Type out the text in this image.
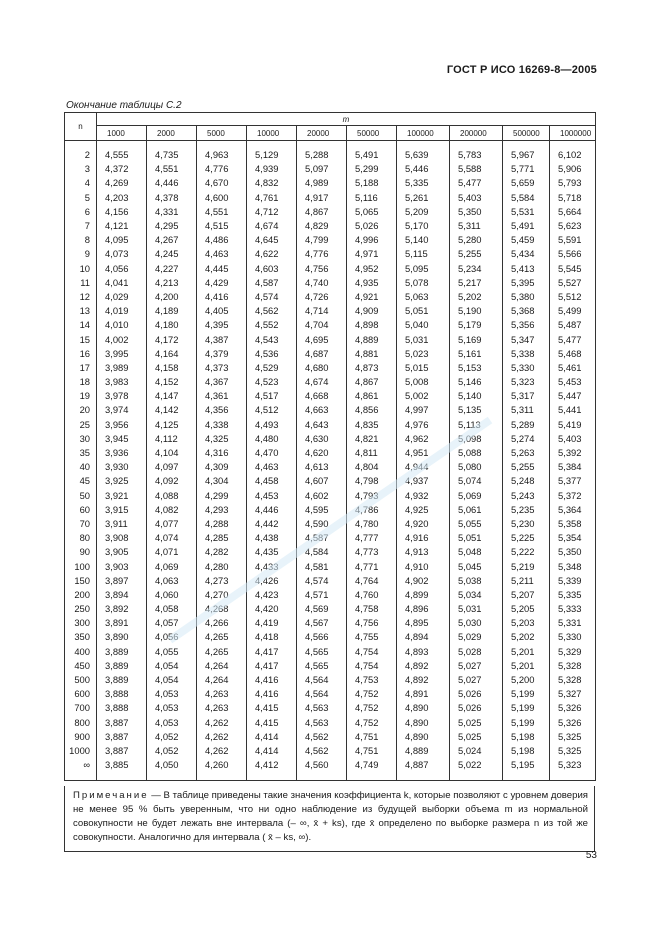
ГОСТ Р ИСО 16269-8—2005
Окончание таблицы С.2
n	m									
	1000	2000	5000	10000	20000	50000	100000	200000	500000	1000000
2	4,555	4,735	4,963	5,129	5,288	5,491	5,639	5,783	5,967	6,102
3	4,372	4,551	4,776	4,939	5,097	5,299	5,446	5,588	5,771	5,906
4	4,269	4,446	4,670	4,832	4,989	5,188	5,335	5,477	5,659	5,793
5	4,203	4,378	4,600	4,761	4,917	5,116	5,261	5,403	5,584	5,718
6	4,156	4,331	4,551	4,712	4,867	5,065	5,209	5,350	5,531	5,664
7	4,121	4,295	4,515	4,674	4,829	5,026	5,170	5,311	5,491	5,623
8	4,095	4,267	4,486	4,645	4,799	4,996	5,140	5,280	5,459	5,591
9	4,073	4,245	4,463	4,622	4,776	4,971	5,115	5,255	5,434	5,566
10	4,056	4,227	4,445	4,603	4,756	4,952	5,095	5,234	5,413	5,545
11	4,041	4,213	4,429	4,587	4,740	4,935	5,078	5,217	5,395	5,527
12	4,029	4,200	4,416	4,574	4,726	4,921	5,063	5,202	5,380	5,512
13	4,019	4,189	4,405	4,562	4,714	4,909	5,051	5,190	5,368	5,499
14	4,010	4,180	4,395	4,552	4,704	4,898	5,040	5,179	5,356	5,487
15	4,002	4,172	4,387	4,543	4,695	4,889	5,031	5,169	5,347	5,477
16	3,995	4,164	4,379	4,536	4,687	4,881	5,023	5,161	5,338	5,468
17	3,989	4,158	4,373	4,529	4,680	4,873	5,015	5,153	5,330	5,461
18	3,983	4,152	4,367	4,523	4,674	4,867	5,008	5,146	5,323	5,453
19	3,978	4,147	4,361	4,517	4,668	4,861	5,002	5,140	5,317	5,447
20	3,974	4,142	4,356	4,512	4,663	4,856	4,997	5,135	5,311	5,441
25	3,956	4,125	4,338	4,493	4,643	4,835	4,976	5,113	5,289	5,419
30	3,945	4,112	4,325	4,480	4,630	4,821	4,962	5,098	5,274	5,403
35	3,936	4,104	4,316	4,470	4,620	4,811	4,951	5,088	5,263	5,392
40	3,930	4,097	4,309	4,463	4,613	4,804	4,944	5,080	5,255	5,384
45	3,925	4,092	4,304	4,458	4,607	4,798	4,937	5,074	5,248	5,377
50	3,921	4,088	4,299	4,453	4,602	4,793	4,932	5,069	5,243	5,372
60	3,915	4,082	4,293	4,446	4,595	4,786	4,925	5,061	5,235	5,364
70	3,911	4,077	4,288	4,442	4,590	4,780	4,920	5,055	5,230	5,358
80	3,908	4,074	4,285	4,438	4,587	4,777	4,916	5,051	5,225	5,354
90	3,905	4,071	4,282	4,435	4,584	4,773	4,913	5,048	5,222	5,350
100	3,903	4,069	4,280	4,433	4,581	4,771	4,910	5,045	5,219	5,348
150	3,897	4,063	4,273	4,426	4,574	4,764	4,902	5,038	5,211	5,339
200	3,894	4,060	4,270	4,423	4,571	4,760	4,899	5,034	5,207	5,335
250	3,892	4,058	4,268	4,420	4,569	4,758	4,896	5,031	5,205	5,333
300	3,891	4,057	4,266	4,419	4,567	4,756	4,895	5,030	5,203	5,331
350	3,890	4,056	4,265	4,418	4,566	4,755	4,894	5,029	5,202	5,330
400	3,889	4,055	4,265	4,417	4,565	4,754	4,893	5,028	5,201	5,329
450	3,889	4,054	4,264	4,417	4,565	4,754	4,892	5,027	5,201	5,328
500	3,889	4,054	4,264	4,416	4,564	4,753	4,892	5,027	5,200	5,328
600	3,888	4,053	4,263	4,416	4,564	4,752	4,891	5,026	5,199	5,327
700	3,888	4,053	4,263	4,415	4,563	4,752	4,890	5,026	5,199	5,326
800	3,887	4,053	4,262	4,415	4,563	4,752	4,890	5,025	5,199	5,326
900	3,887	4,052	4,262	4,414	4,562	4,751	4,890	5,025	5,198	5,325
1000	3,887	4,052	4,262	4,414	4,562	4,751	4,889	5,024	5,198	5,325
∞	3,885	4,050	4,260	4,412	4,560	4,749	4,887	5,022	5,195	5,323
Примечание — В таблице приведены такие значения коэффициента k, которые позволяют с уровнем доверия не менее 95 % быть уверенным, что ни одно наблюдение из будущей выборки объема m из нормальной совокупности не будет лежать вне интервала (– ∞, x̄ + ks), где x̄ определено по выборке размера n из той же совокупности. Аналогично для интервала ( x̄ – ks, ∞).
53
